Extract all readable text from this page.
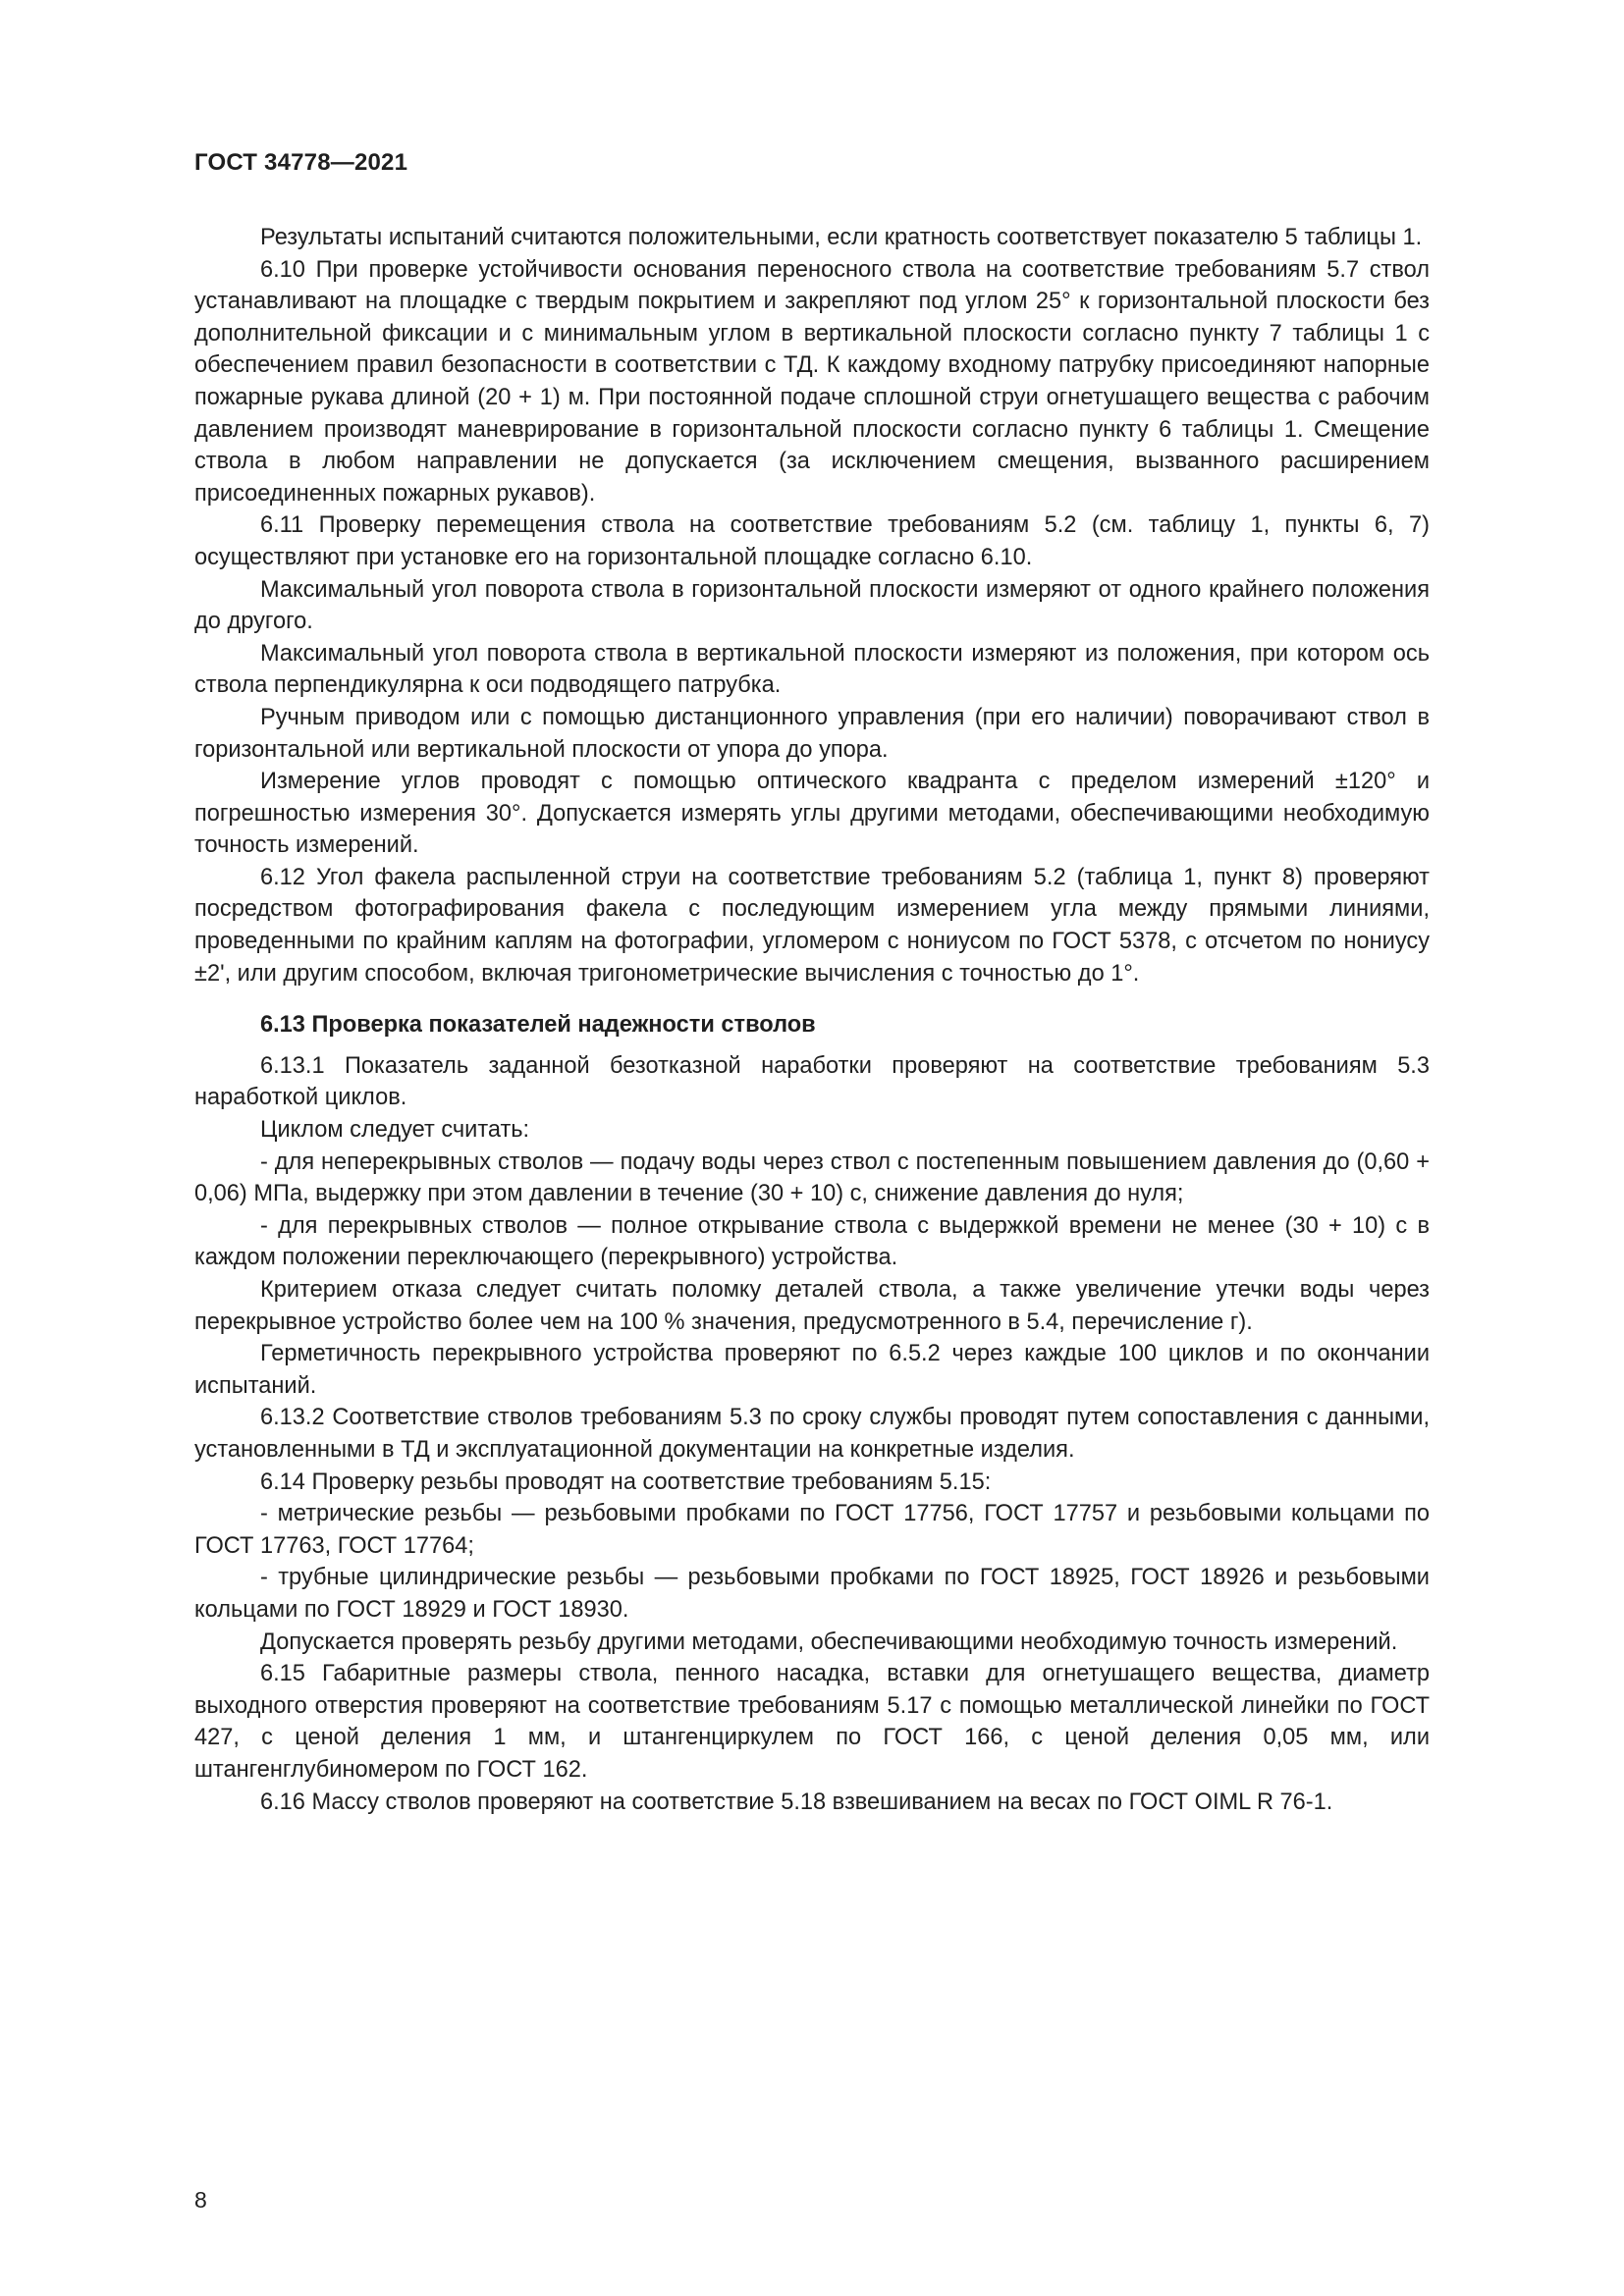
ГОСТ 34778—2021

Результаты испытаний считаются положительными, если кратность соответствует показателю 5 таблицы 1.

6.10 При проверке устойчивости основания переносного ствола на соответствие требованиям 5.7 ствол устанавливают на площадке с твердым покрытием и закрепляют под углом 25° к горизонтальной плоскости без дополнительной фиксации и с минимальным углом в вертикальной плоскости согласно пункту 7 таблицы 1 с обеспечением правил безопасности в соответствии с ТД. К каждому входному патрубку присоединяют напорные пожарные рукава длиной (20 + 1) м. При постоянной подаче сплошной струи огнетушащего вещества с рабочим давлением производят маневрирование в горизонтальной плоскости согласно пункту 6 таблицы 1. Смещение ствола в любом направлении не допускается (за исключением смещения, вызванного расширением присоединенных пожарных рукавов).

6.11 Проверку перемещения ствола на соответствие требованиям 5.2 (см. таблицу 1, пункты 6, 7) осуществляют при установке его на горизонтальной площадке согласно 6.10.

Максимальный угол поворота ствола в горизонтальной плоскости измеряют от одного крайнего положения до другого.

Максимальный угол поворота ствола в вертикальной плоскости измеряют из положения, при котором ось ствола перпендикулярна к оси подводящего патрубка.

Ручным приводом или с помощью дистанционного управления (при его наличии) поворачивают ствол в горизонтальной или вертикальной плоскости от упора до упора.

Измерение углов проводят с помощью оптического квадранта с пределом измерений ±120° и погрешностью измерения 30°. Допускается измерять углы другими методами, обеспечивающими необходимую точность измерений.

6.12 Угол факела распыленной струи на соответствие требованиям 5.2 (таблица 1, пункт 8) проверяют посредством фотографирования факела с последующим измерением угла между прямыми линиями, проведенными по крайним каплям на фотографии, угломером с нониусом по ГОСТ 5378, с отсчетом по нониусу ±2', или другим способом, включая тригонометрические вычисления с точностью до 1°.

6.13 Проверка показателей надежности стволов

6.13.1 Показатель заданной безотказной наработки проверяют на соответствие требованиям 5.3 наработкой циклов.

Циклом следует считать:

- для неперекрывных стволов — подачу воды через ствол с постепенным повышением давления до (0,60 + 0,06) МПа, выдержку при этом давлении в течение (30 + 10) с, снижение давления до нуля;

- для перекрывных стволов — полное открывание ствола с выдержкой времени не менее (30 + 10) с в каждом положении переключающего (перекрывного) устройства.

Критерием отказа следует считать поломку деталей ствола, а также увеличение утечки воды через перекрывное устройство более чем на 100 % значения, предусмотренного в 5.4, перечисление г).

Герметичность перекрывного устройства проверяют по 6.5.2 через каждые 100 циклов и по окончании испытаний.

6.13.2 Соответствие стволов требованиям 5.3 по сроку службы проводят путем сопоставления с данными, установленными в ТД и эксплуатационной документации на конкретные изделия.

6.14 Проверку резьбы проводят на соответствие требованиям 5.15:

- метрические резьбы — резьбовыми пробками по ГОСТ 17756, ГОСТ 17757 и резьбовыми кольцами по ГОСТ 17763, ГОСТ 17764;

- трубные цилиндрические резьбы — резьбовыми пробками по ГОСТ 18925, ГОСТ 18926 и резьбовыми кольцами по ГОСТ 18929 и ГОСТ 18930.

Допускается проверять резьбу другими методами, обеспечивающими необходимую точность измерений.

6.15 Габаритные размеры ствола, пенного насадка, вставки для огнетушащего вещества, диаметр выходного отверстия проверяют на соответствие требованиям 5.17 с помощью металлической линейки по ГОСТ 427, с ценой деления 1 мм, и штангенциркулем по ГОСТ 166, с ценой деления 0,05 мм, или штангенглубиномером по ГОСТ 162.

6.16 Массу стволов проверяют на соответствие 5.18 взвешиванием на весах по ГОСТ OIML R 76-1.

8
